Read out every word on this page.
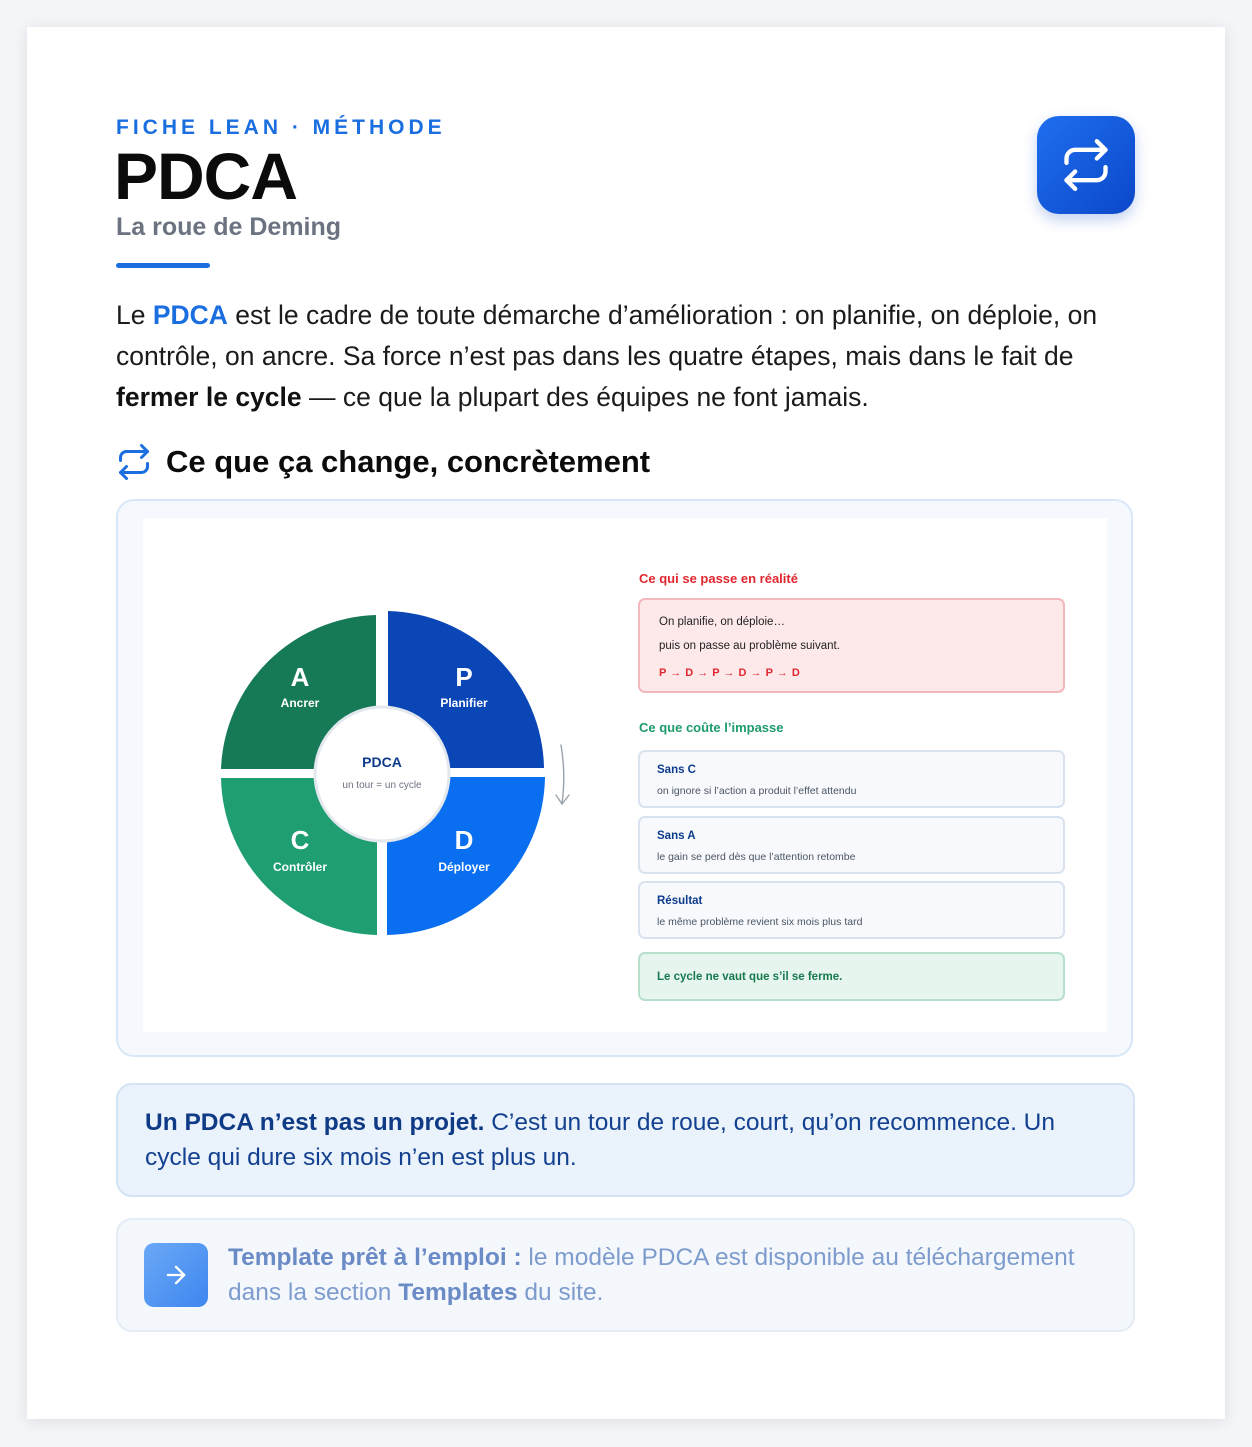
FICHE LEAN · MÉTHODE
PDCA
La roue de Deming
Le PDCA est le cadre de toute démarche d’amélioration : on planifie, on déploie, on contrôle, on ancre. Sa force n’est pas dans les quatre étapes, mais dans le fait de fermer le cycle — ce que la plupart des équipes ne font jamais.
Ce que ça change, concrètement
PDCA
un tour = un cycle
A
Ancrer
P
Planifier
C
Contrôler
D
Déployer
Ce qui se passe en réalité
On planifie, on déploie…
puis on passe au problème suivant.
P → D → P → D → P → D
Ce que coûte l’impasse
Sans C
on ignore si l’action a produit l’effet attendu
Sans A
le gain se perd dès que l’attention retombe
Résultat
le même problème revient six mois plus tard
Le cycle ne vaut que s’il se ferme.
Un PDCA n’est pas un projet. C’est un tour de roue, court, qu’on recommence. Un cycle qui dure six mois n’en est plus un.
Template prêt à l’emploi : le modèle PDCA est disponible au téléchargement dans la section Templates du site.
